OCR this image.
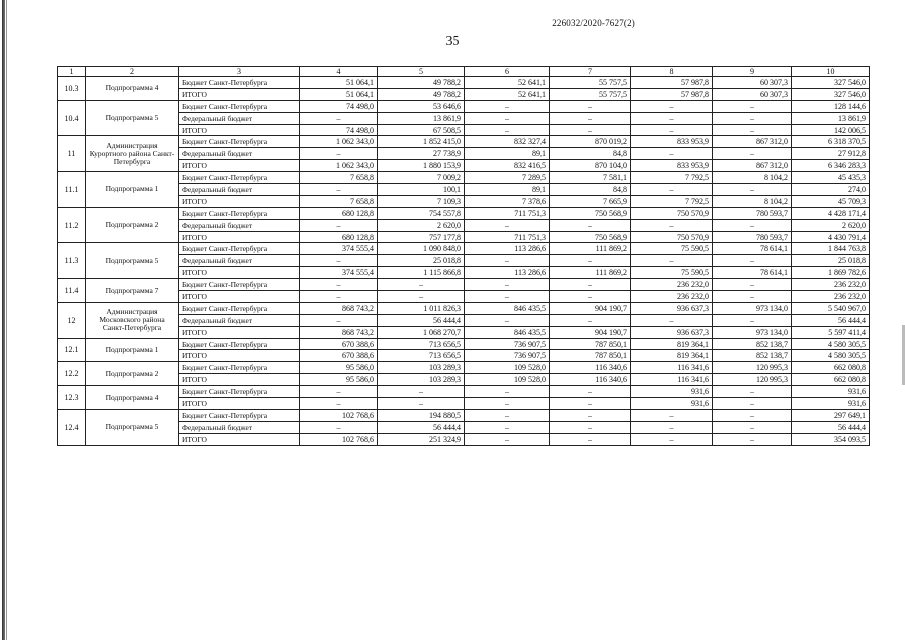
226032/2020-7627(2)
35
1	2	3	4	5	6	7	8	9	10
10.3	Подпрограмма 4	Бюджет Санкт-Петербурга	51 064,1	49 788,2	52 641,1	55 757,5	57 987,8	60 307,3	327 546,0
		ИТОГО	51 064,1	49 788,2	52 641,1	55 757,5	57 987,8	60 307,3	327 546,0
10.4	Подпрограмма 5	Бюджет Санкт-Петербурга	74 498,0	53 646,6	–	–	–	–	128 144,6
		Федеральный бюджет	–	13 861,9	–	–	–	–	13 861,9
		ИТОГО	74 498,0	67 508,5	–	–	–	–	142 006,5
11	Администрация Курортного района Санкт-Петербурга	Бюджет Санкт-Петербурга	1 062 343,0	1 852 415,0	832 327,4	870 019,2	833 953,9	867 312,0	6 318 370,5
		Федеральный бюджет	–	27 738,9	89,1	84,8	–	–	27 912,8
		ИТОГО	1 062 343,0	1 880 153,9	832 416,5	870 104,0	833 953,9	867 312,0	6 346 283,3
11.1	Подпрограмма 1	Бюджет Санкт-Петербурга	7 658,8	7 009,2	7 289,5	7 581,1	7 792,5	8 104,2	45 435,3
		Федеральный бюджет	–	100,1	89,1	84,8	–	–	274,0
		ИТОГО	7 658,8	7 109,3	7 378,6	7 665,9	7 792,5	8 104,2	45 709,3
11.2	Подпрограмма 2	Бюджет Санкт-Петербурга	680 128,8	754 557,8	711 751,3	750 568,9	750 570,9	780 593,7	4 428 171,4
		Федеральный бюджет	–	2 620,0	–	–	–	–	2 620,0
		ИТОГО	680 128,8	757 177,8	711 751,3	750 568,9	750 570,9	780 593,7	4 430 791,4
11.3	Подпрограмма 5	Бюджет Санкт-Петербурга	374 555,4	1 090 848,0	113 286,6	111 869,2	75 590,5	78 614,1	1 844 763,8
		Федеральный бюджет	–	25 018,8	–	–	–	–	25 018,8
		ИТОГО	374 555,4	1 115 866,8	113 286,6	111 869,2	75 590,5	78 614,1	1 869 782,6
11.4	Подпрограмма 7	Бюджет Санкт-Петербурга	–	–	–	–	236 232,0	–	236 232,0
		ИТОГО	–	–	–	–	236 232,0	–	236 232,0
12	Администрация Московского района Санкт-Петербурга	Бюджет Санкт-Петербурга	868 743,2	1 011 826,3	846 435,5	904 190,7	936 637,3	973 134,0	5 540 967,0
		Федеральный бюджет	–	56 444,4	–	–	–	–	56 444,4
		ИТОГО	868 743,2	1 068 270,7	846 435,5	904 190,7	936 637,3	973 134,0	5 597 411,4
12.1	Подпрограмма 1	Бюджет Санкт-Петербурга	670 388,6	713 656,5	736 907,5	787 850,1	819 364,1	852 138,7	4 580 305,5
		ИТОГО	670 388,6	713 656,5	736 907,5	787 850,1	819 364,1	852 138,7	4 580 305,5
12.2	Подпрограмма 2	Бюджет Санкт-Петербурга	95 586,0	103 289,3	109 528,0	116 340,6	116 341,6	120 995,3	662 080,8
		ИТОГО	95 586,0	103 289,3	109 528,0	116 340,6	116 341,6	120 995,3	662 080,8
12.3	Подпрограмма 4	Бюджет Санкт-Петербурга	–	–	–	–	931,6	–	931,6
		ИТОГО	–	–	–	–	931,6	–	931,6
12.4	Подпрограмма 5	Бюджет Санкт-Петербурга	102 768,6	194 880,5	–	–	–	–	297 649,1
		Федеральный бюджет	–	56 444,4	–	–	–	–	56 444,4
		ИТОГО	102 768,6	251 324,9	–	–	–	–	354 093,5
